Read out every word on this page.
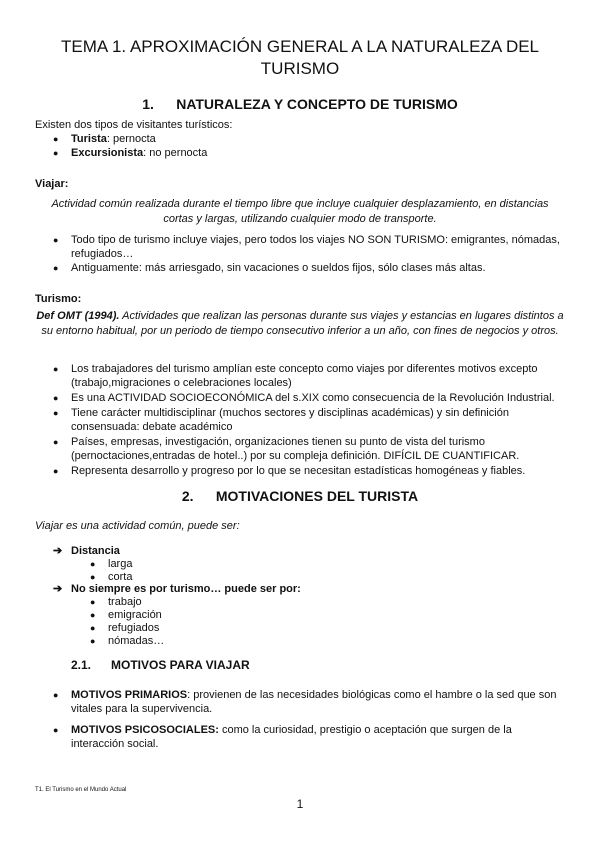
TEMA 1. APROXIMACIÓN GENERAL A LA NATURALEZA DEL TURISMO
1. NATURALEZA Y CONCEPTO DE TURISMO
Existen dos tipos de visitantes turísticos:
● Turista: pernocta
● Excursionista: no pernocta
Viajar:
Actividad común realizada durante el tiempo libre que incluye cualquier desplazamiento, en distancias cortas y largas, utilizando cualquier modo de transporte.
● Todo tipo de turismo incluye viajes, pero todos los viajes NO SON TURISMO: emigrantes, nómadas, refugiados…
● Antiguamente: más arriesgado, sin vacaciones o sueldos fijos, sólo clases más altas.
Turismo:
Def OMT (1994). Actividades que realizan las personas durante sus viajes y estancias en lugares distintos a su entorno habitual, por un periodo de tiempo consecutivo inferior a un año, con fines de negocios y otros.
● Los trabajadores del turismo amplían este concepto como viajes por diferentes motivos excepto (trabajo,migraciones o celebraciones locales)
● Es una ACTIVIDAD SOCIOECONÓMICA del s.XIX como consecuencia de la Revolución Industrial.
● Tiene carácter multidisciplinar (muchos sectores y disciplinas académicas) y sin definición consensuada: debate académico
● Países, empresas, investigación, organizaciones tienen su punto de vista del turismo (pernoctaciones,entradas de hotel..) por su compleja definición. DIFÍCIL DE CUANTIFICAR.
● Representa desarrollo y progreso por lo que se necesitan estadísticas homogéneas y fiables.
2. MOTIVACIONES DEL TURISTA
Viajar es una actividad común, puede ser:
➔ Distancia
● larga
● corta
➔ No siempre es por turismo… puede ser por:
● trabajo
● emigración
● refugiados
● nómadas…
2.1. MOTIVOS PARA VIAJAR
● MOTIVOS PRIMARIOS: provienen de las necesidades biológicas como el hambre o la sed que son vitales para la supervivencia.
● MOTIVOS PSICOSOCIALES: como la curiosidad, prestigio o aceptación que surgen de la interacción social.
T1. El Turismo en el Mundo Actual
1
